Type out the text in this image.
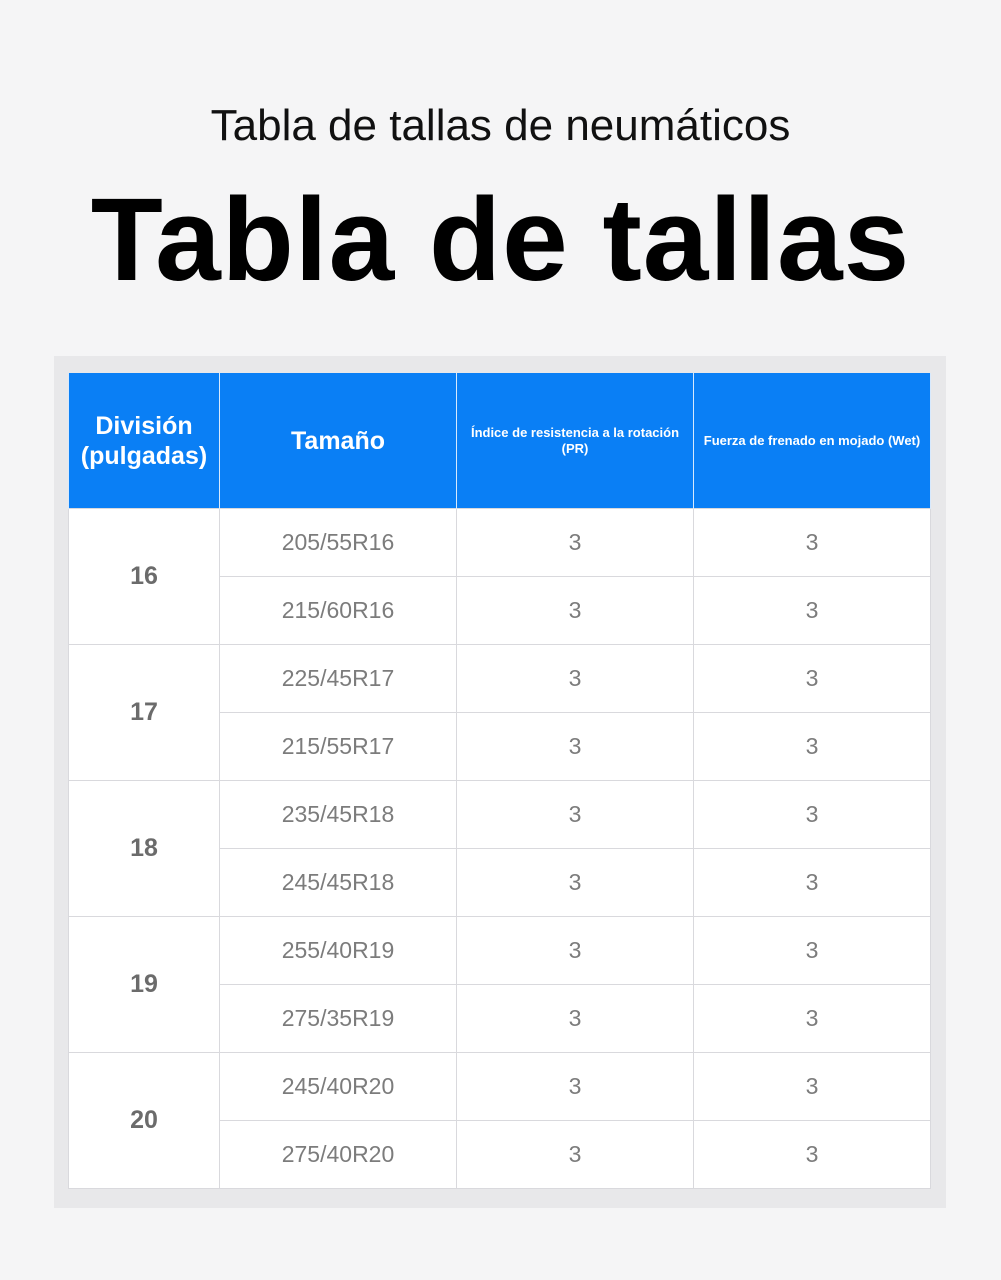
Tabla de tallas de neumáticos
Tabla de tallas
División
(pulgadas)	Tamaño	Índice de resistencia a la rotación (PR)	Fuerza de frenado en mojado (Wet)
16	205/55R16	3	3
	215/60R16	3	3
17	225/45R17	3	3
	215/55R17	3	3
18	235/45R18	3	3
	245/45R18	3	3
19	255/40R19	3	3
	275/35R19	3	3
20	245/40R20	3	3
	275/40R20	3	3
